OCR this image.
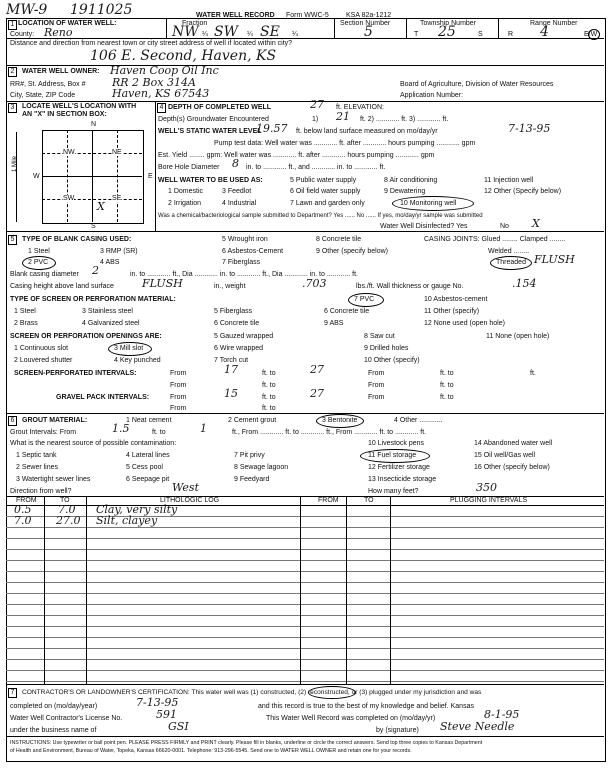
MW-9 1911025	WATER WELL RECORD Form WWC-5 KSA 82a-1212
1 LOCATION OF WATER WELL:
County: Reno
Fraction
NW ¼ SW ¼ SE ¼
Section Number
5
Township Number
T 25	S
Range Number
R 4	E/W
Distance and direction from nearest town or city street address of well if located within city?
106 E. Second, Haven, KS
2	WATER WELL OWNER: Haven Coop Oil Inc
RR#, St. Address, Box # RR 2 Box 314A	Board of Agriculture, Division of Water Resources
City, State, ZIP Code	Haven, KS 67543	Application Number:
3	LOCATE WELL'S LOCATION WITH
AN "X" IN SECTION BOX:
N
S
W	E
1 Mile
NW	NE
SW	SE
X
4 DEPTH OF COMPLETED WELL	27 ft. ELEVATION:
Depth(s) Groundwater Encountered	1) 21 ft. 2) ............ ft. 3) ............ ft.
WELL'S STATIC WATER LEVEL
19.57 ft. below land surface measured on mo/day/yr	7-13-95
Pump test data: Well water was ............ ft. after ............ hours pumping ............ gpm
Est. Yield ........ gpm: Well water was ............ ft. after ............ hours pumping ............ gpm
Bore Hole Diameter 8 in. to ............ ft., and ............ in. to ............ ft.
WELL WATER TO BE USED AS:	5 Public water supply	8 Air conditioning	11 Injection well
1 Domestic	3 Feedlot	6 Oil field water supply	9 Dewatering	12 Other (Specify below)
2 Irrigation	4 Industrial	7 Lawn and garden only	10 Monitoring well
Was a chemical/bacteriological sample submitted to Department? Yes ...... No ...... If yes, mo/day/yr sample was submitted
Water Well Disinfected? Yes	No X
5	TYPE OF BLANK CASING USED:	5 Wrought iron	8 Concrete tile	CASING JOINTS: Glued ........ Clamped ........
1 Steel	3 RMP (SR)	6 Asbestos-Cement	9 Other (specify below)	Welded ........
2 PVC	4 ABS	7 Fiberglass	Threaded FLUSH
Blank casing diameter 2	in. to ............ ft., Dia ............ in. to ............ ft., Dia ............ in. to ............ ft.
Casing height above land surface	FLUSH	in., weight	.703	lbs./ft. Wall thickness or gauge No.	.154
TYPE OF SCREEN OR PERFORATION MATERIAL:	7 PVC	10 Asbestos-cement
1 Steel	3 Stainless steel	5 Fiberglass	6 Concrete tile	11 Other (specify)
2 Brass	4 Galvanized steel	6 Concrete tile	9 ABS	12 None used (open hole)
SCREEN OR PERFORATION OPENINGS ARE:	5 Gauzed wrapped	8 Saw cut	11 None (open hole)
1 Continuous slot	3 Mill slot	6 Wire wrapped	9 Drilled holes
2 Louvered shutter	4 Key punched	7 Torch cut	10 Other (specify)
SCREEN-PERFORATED INTERVALS:	From	17	ft. to	27	From	ft. to	ft.
From	ft. to	From	ft. to
GRAVEL PACK INTERVALS:	From	15	ft. to	27	From	ft. to
From	ft. to
6	GROUT MATERIAL:	1 Neat cement	2 Cement grout	3 Bentonite	4 Other ............
Grout Intervals: From	1.5	ft. to	1	ft., From ............ ft. to ............ ft., From ............ ft. to ............ ft.
What is the nearest source of possible contamination:	10 Livestock pens	14 Abandoned water well
1 Septic tank	4 Lateral lines	7 Pit privy	11 Fuel storage	15 Oil well/Gas well
2 Sewer lines	5 Cess pool	8 Sewage lagoon	12 Fertilizer storage	16 Other (specify below)
3 Watertight sewer lines	6 Seepage pit	9 Feedyard	13 Insecticide storage
Direction from well?	West	How many feet?	350
FROM	TO	LITHOLOGIC LOG	FROM	TO	PLUGGING INTERVALS
0.5 7.0 Clay, very silty
7.0 27.0 Silt, clayey
7	CONTRACTOR'S OR LANDOWNER'S CERTIFICATION: This water well was (1) constructed, (2) reconstructed, or (3) plugged under my jurisdiction and was
completed on (mo/day/year)	7-13-95	and this record is true to the best of my knowledge and belief. Kansas
Water Well Contractor's License No.	591	This Water Well Record was completed on (mo/day/yr)	8-1-95
under the business name of	GSI	by (signature) Steve Needle
INSTRUCTIONS: Use typewriter or ball point pen. PLEASE PRESS FIRMLY and PRINT clearly. Please fill in blanks, underline or circle the correct answers. Send top three copies to Kansas Department
of Health and Environment, Bureau of Water, Topeka, Kansas 66620-0001. Telephone: 913-296-5545. Send one to WATER WELL OWNER and retain one for your records.
